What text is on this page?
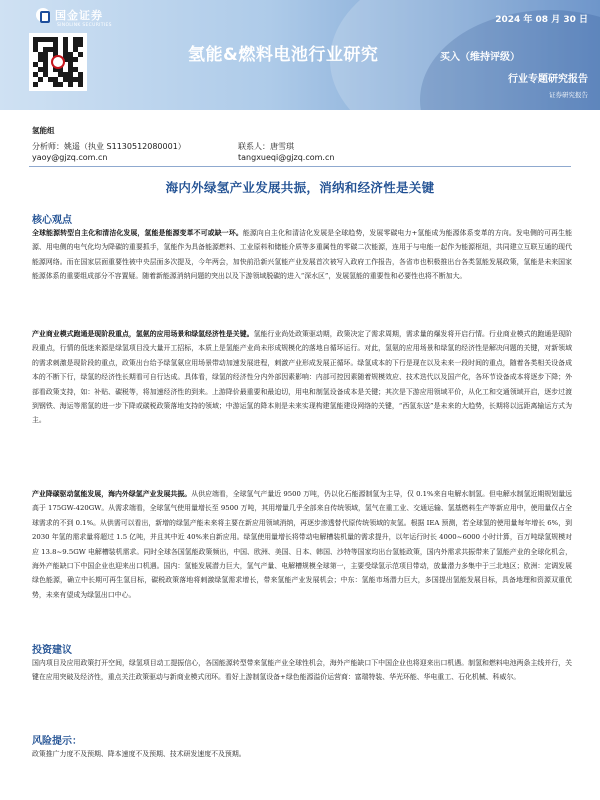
国金证券
SINOLINK SECURITIES
2024 年 08 月 30 日
氢能&燃料电池行业研究	买入（维持评级）
行业专题研究报告
证券研究报告
氢能组
分析师：姚遥（执业 S1130512080001）
yaoy@gjzq.com.cn
联系人：唐雪琪
tangxueqi@gjzq.com.cn
海内外绿氢产业发展共振，消纳和经济性是关键
核心观点

全球能源转型自主化和清洁化发展，氢能是能源变革不可或缺一环。能源向自主化和清洁化发展是全球趋势，发展零碳电力+氢能成为能源体系变革的方向。发电侧的可再生能源、用电侧的电气化均为降碳的重要抓手，氢能作为具备能源燃料、工业原料和储能介质等多重属性的零碳二次能源，连用于与电能一起作为能源枢纽，共同建立互联互通的现代能源网络。而在国家层面重要性被中央层面多次提及，今年两会，加快前沿新兴氢能产业发展首次被写入政府工作报告，各省市也积极推出台各类氢能发展政策，氢能是未来国家能源体系的重要组成部分不容置疑。随着新能源消纳问题的突出以及下游领域脱碳的进入“深水区”，发展氢能的重要性和必要性也将不断加大。

产业商业模式跑通是现阶段重点，氢氨的应用场景和绿氢经济性是关键。氢能行业尚处政策驱动期，政策决定了需求周期，需求量的爆发将开启行情。行业商业模式的跑通是现阶段重点，行情的低迷来源是绿氢项目没大量开工招标，本质上是氢能产业尚未形成规模化的落地自循环运行。对此，氢氨的应用场景和绿氢的经济性是解决问题的关键，对新领域的需求刺激是现阶段的重点，政策出台给予绿氢氨应用场景带动加速发展进程，刺激产业形成发展正循环。绿氢成本的下行是现在以及未来一段时间的重点，随着各类相关设备成本的不断下行，绿氢的经济性长期看可自行达成。具体看，绿氢的经济性分内外部因素影响：内部可控因素随着规模效应、技术迭代以及国产化，各环节设备成本将逐步下降；外部看政策支持，如：补贴、碳税等，将加速经济性的到来。上游降价最重要和最迫切，用电和制氢设备成本是关键；其次是下游应用领域平价，从化工和交通领域开启，逐步过渡到钢铁、海运等需氢的进一步下降或碳税政策落地支持的领域；中游运氢的降本则是未来实现构建氢能建设网络的关键，“西氢东送”是未来的大趋势，长期将以远距离输运方式为主。

产业降碳驱动氢能发展，海内外绿氢产业发展共振。从供应端看，全球氢气产量近 9500 万吨，仍以化石能源制氢为主导，仅 0.1%来自电解水制氢。但电解水制氢近期规划量远高于 175GW-420GW。从需求端看，全球氢气使用量增长至 9500 万吨，其用增量几乎全部来自传统领域，氢气在重工业、交通运输、氢基燃料生产等新应用中，使用量仅占全球需求的不到 0.1%。从供需可以看出，新增的绿氢产能未来将主要在新应用领域消纳，再逐步渗透替代原传统领域的灰氢。根据 IEA 预测，若全球氢的使用量每年增长 6%，到 2030 年氢的需求量将超过 1.5 亿吨，并且其中近 40%来自新应用。绿氢使用量增长将带动电解槽装机量的需求提升，以年运行时长 4000~6000 小时计算，百万吨绿氢规模对应 13.8~9.5GW 电解槽装机需求。同时全球各国氢能政策频出，中国、欧洲、美国、日本、韩国、沙特等国家均出台氢能政策，国内外需求共振带来了氢能产业的全球化机会，海外产能缺口下中国企业也迎来出口机遇。国内：氢能发展潜力巨大，氢气产量、电解槽规模全球第一，主要受绿氢示范项目带动，放量潜力多集中于三北地区；欧洲：定调发展绿色能源，确立中长期可再生氢目标，碳税政策落地将刺激绿氢需求增长，带来氢能产业发展机会；中东：氢能市场潜力巨大，多国提出氢能发展目标，具备地理和资源双重优势，未来有望成为绿氢出口中心。

投资建议

国内项目及应用政策打开空间，绿氢项目动工提振信心，各国能源转型带来氢能产业全球性机会，海外产能缺口下中国企业也将迎来出口机遇。制氢和燃料电池两条主线并行，关键在应用突破及经济性，重点关注政策驱动与新商业模式闭环。看好上游制氢设备+绿色能源溢价运营商：富瑞特装、华光环能、华电重工、石化机械、科威尔。

风险提示：

政策推广力度不及预期、降本速度不及预期、技术研发速度不及预期。
